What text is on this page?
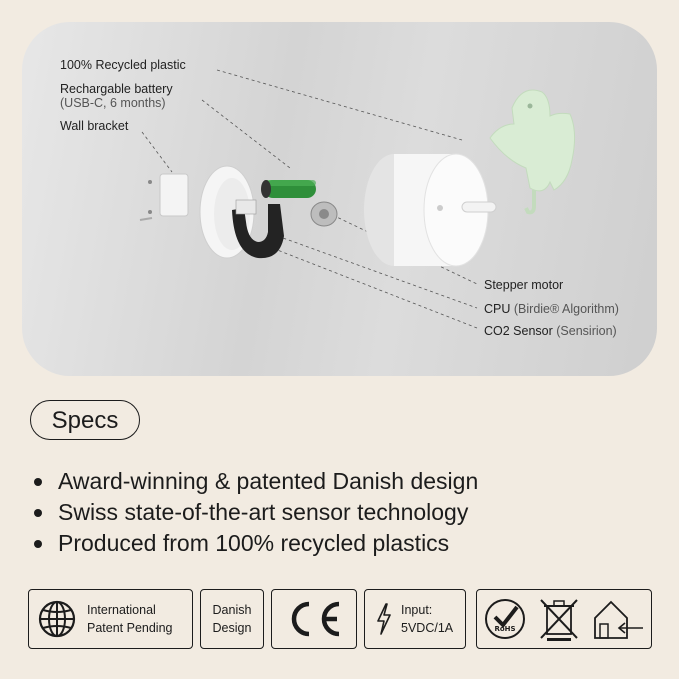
100% Recycled plastic
Rechargable battery
(USB-C, 6 months)
Wall bracket
Stepper motor
CPU (Birdie® Algorithm)
CO2 Sensor (Sensirion)
Specs
Award-winning & patented Danish design
Swiss state-of-the-art sensor technology
Produced from 100% recycled plastics
International
Patent Pending
Danish
Design
Input:
5VDC/1A	RoHS
